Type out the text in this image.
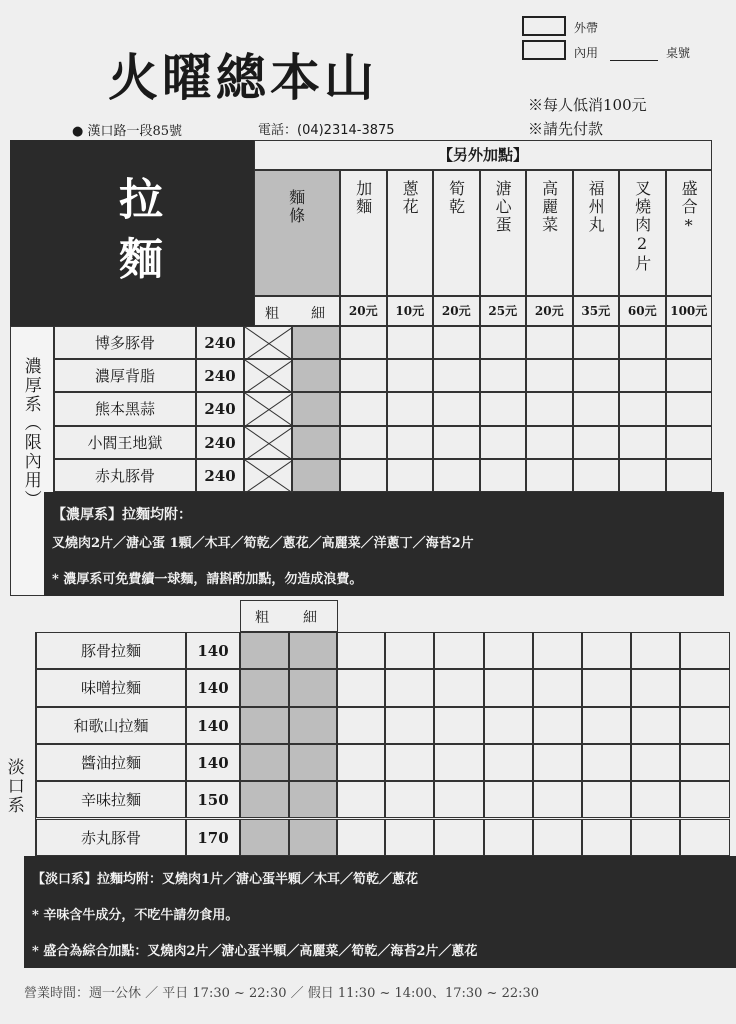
火曜總本山
外帶
內用	桌號
※每人低消100元
※請先付款
● 漢口路一段85號	電話：(04)2314-3875
拉麵
【另外加點】
麵條
粗 細
濃厚系︵限內用︶
【濃厚系】拉麵均附：
叉燒肉2片／溏心蛋 1顆／木耳／筍乾／蔥花／高麗菜／洋蔥丁／海苔2片
* 濃厚系可免費續一球麵，請斟酌加點，勿造成浪費。
粗 細
淡口系
【淡口系】拉麵均附：叉燒肉1片／溏心蛋半顆／木耳／筍乾／蔥花
* 辛味含牛成分，不吃牛請勿食用。
* 盛合為綜合加點：叉燒肉2片／溏心蛋半顆／高麗菜／筍乾／海苔2片／蔥花
營業時間：週一公休 ／ 平日 17:30 ~ 22:30 ／ 假日 11:30 ~ 14:00、17:30 ~ 22:30
加麵
20元
蔥花
10元
筍乾
20元
溏心蛋
25元
高麗菜
20元
福州丸
35元
叉燒肉2片
60元
盛合*
100元
博多豚骨	240
濃厚背脂	240
熊本黑蒜	240
小閻王地獄	240
赤丸豚骨	240
豚骨拉麵	140
味噌拉麵	140
和歌山拉麵	140
醬油拉麵	140
辛味拉麵	150
赤丸豚骨	170
